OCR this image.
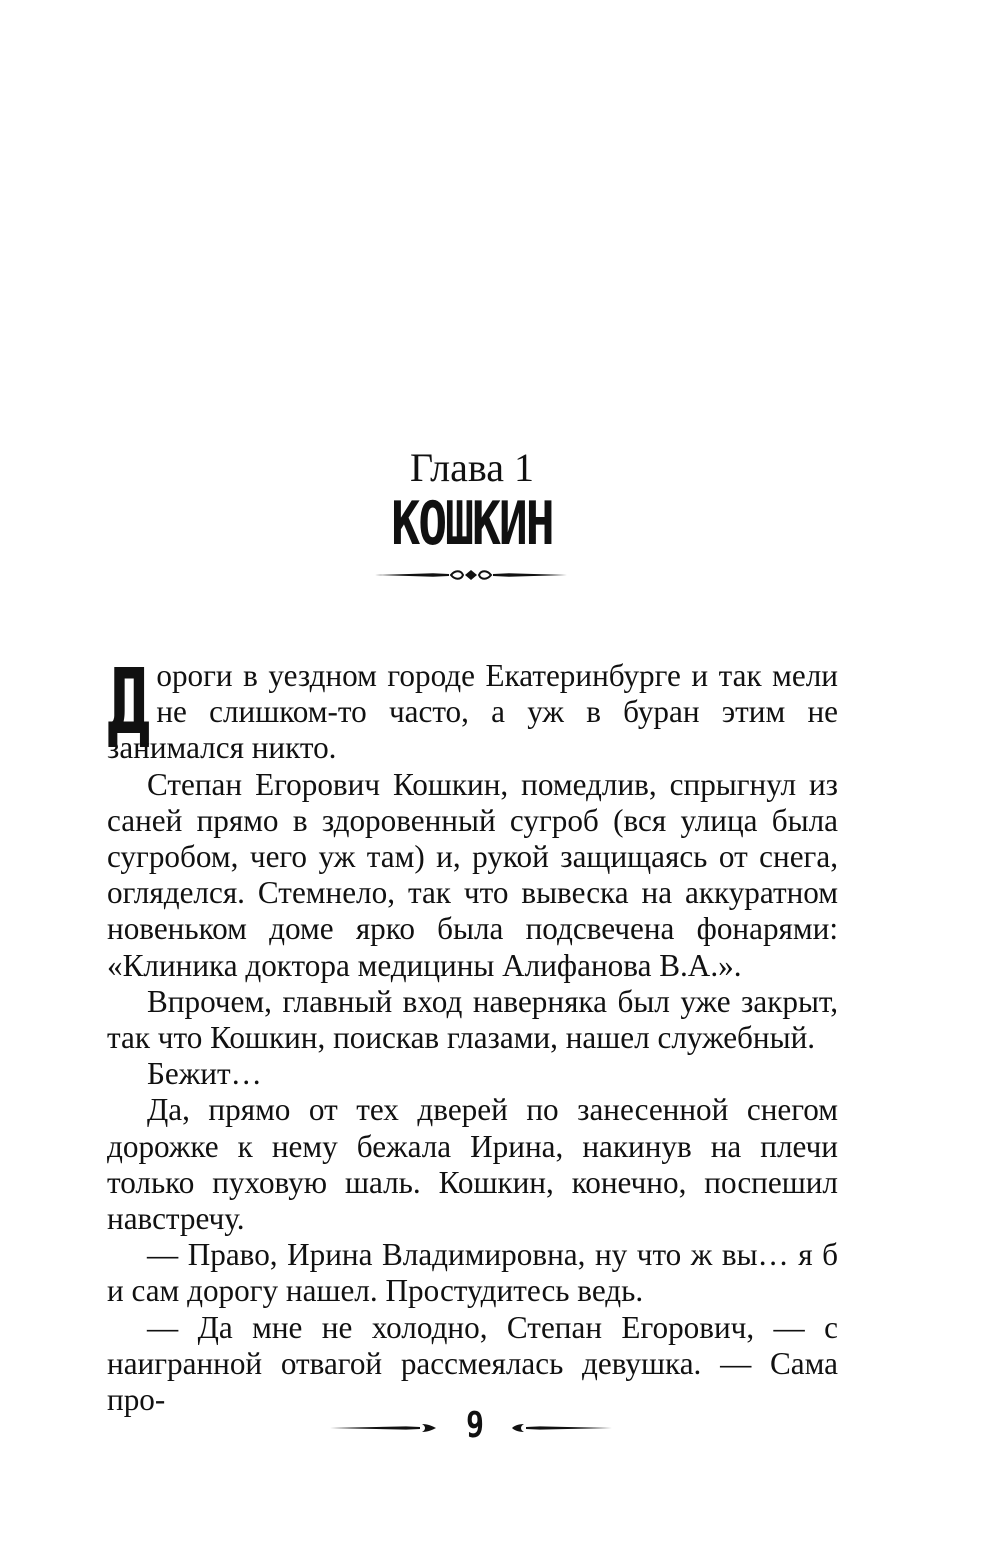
Глава 1
КОШКИН

Дороги в уездном городе Екатеринбурге и так мели не слишком-то часто, а уж в буран этим не занимался никто.

Степан Егорович Кошкин, помедлив, спрыгнул из саней прямо в здоровенный сугроб (вся улица была сугробом, чего уж там) и, рукой защищаясь от снега, огляделся. Стемнело, так что вывеска на аккуратном новеньком доме ярко была подсвечена фонарями: «Клиника доктора медицины Алифанова В.А.».

Впрочем, главный вход наверняка был уже закрыт, так что Кошкин, поискав глазами, нашел служебный.

Бежит…

Да, прямо от тех дверей по занесенной снегом дорожке к нему бежала Ирина, накинув на плечи только пуховую шаль. Кошкин, конечно, поспешил навстречу.

— Право, Ирина Владимировна, ну что ж вы… я б и сам дорогу нашел. Простудитесь ведь.

— Да мне не холодно, Степан Егорович, — с наигранной отвагой рассмеялась девушка. — Сама про-

9
